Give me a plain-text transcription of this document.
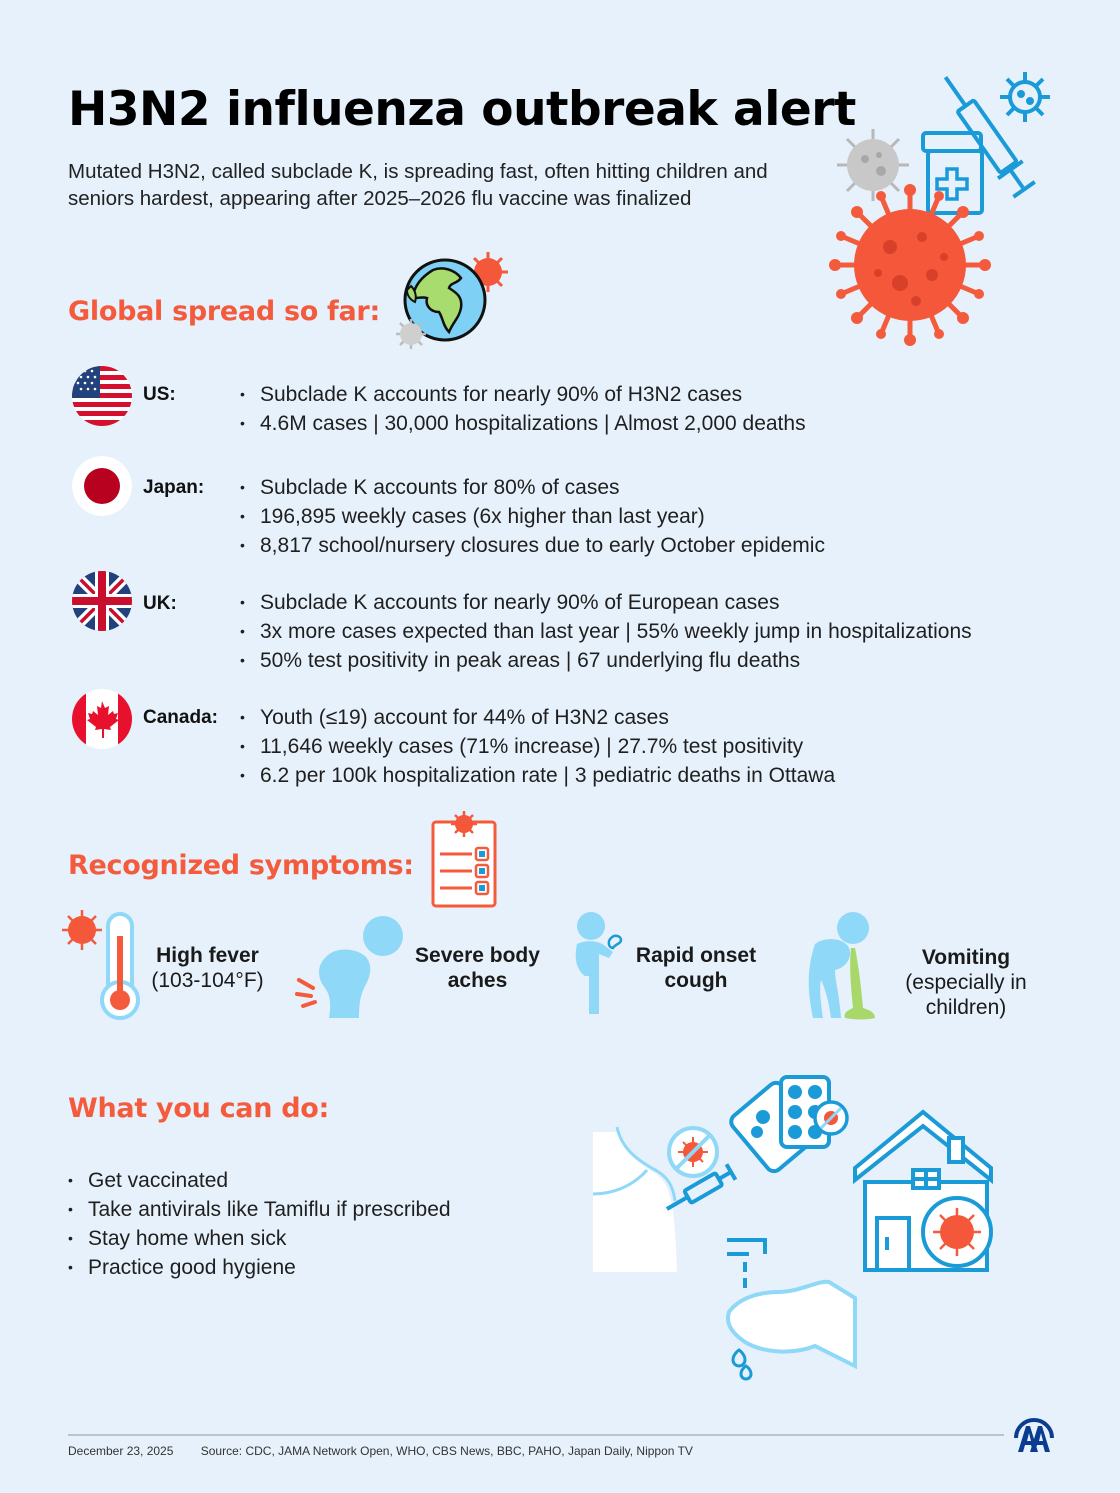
H3N2 influenza outbreak alert

Mutated H3N2, called subclade K, is spreading fast, often hitting children and seniors hardest, appearing after 2025–2026 flu vaccine was finalized

Global spread so far:
US:	• Subclade K accounts for nearly 90% of H3N2 cases
• 4.6M cases | 30,000 hospitalizations | Almost 2,000 deaths
Japan:	• Subclade K accounts for 80% of cases
• 196,895 weekly cases (6x higher than last year)
• 8,817 school/nursery closures due to early October epidemic
UK:	• Subclade K accounts for nearly 90% of European cases
• 3x more cases expected than last year | 55% weekly jump in hospitalizations
• 50% test positivity in peak areas | 67 underlying flu deaths
Canada:	• Youth (≤19) account for 44% of H3N2 cases
• 11,646 weekly cases (71% increase) | 27.7% test positivity
• 6.2 per 100k hospitalization rate | 3 pediatric deaths in Ottawa
Recognized symptoms:
High fever
(103-104°F)
Severe body aches
Rapid onset cough
Vomiting
(especially in children)
What you can do:
• Get vaccinated
• Take antivirals like Tamiflu if prescribed
• Stay home when sick
• Practice good hygiene
December 23, 2025 Source: CDC, JAMA Network Open, WHO, CBS News, BBC, PAHO, Japan Daily, Nippon TV
